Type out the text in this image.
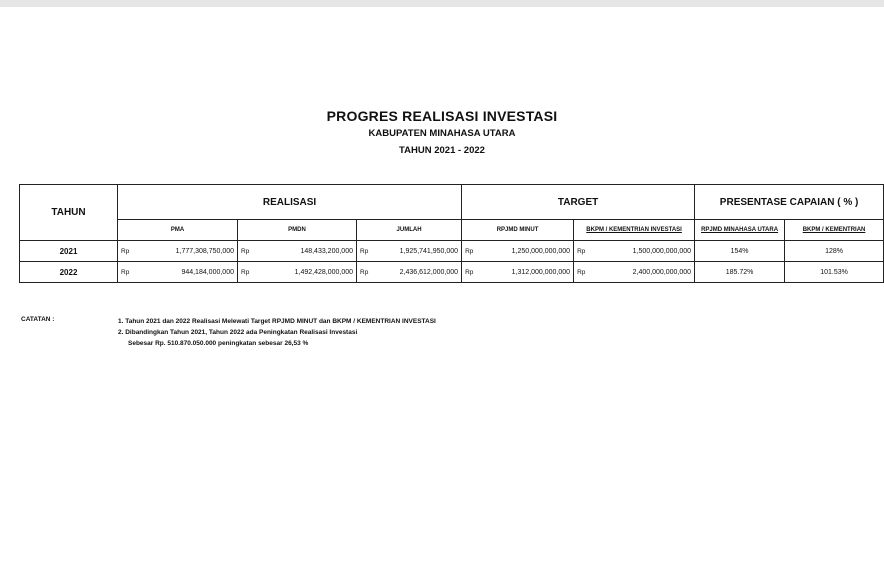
PROGRES REALISASI INVESTASI
KABUPATEN MINAHASA UTARA
TAHUN 2021 - 2022
TAHUN	REALISASI						TARGET				PRESENTASE CAPAIAN ( % )	
	PMA		PMDN		JUMLAH		RPJMD MINUT		BKPM / KEMENTRIAN INVESTASI		RPJMD MINAHASA UTARA	BKPM / KEMENTRIAN
2021	Rp	1,777,308,750,000	Rp	148,433,200,000	Rp	1,925,741,950,000	Rp	1,250,000,000,000	Rp	1,500,000,000,000	154%	128%
2022	Rp	944,184,000,000	Rp	1,492,428,000,000	Rp	2,436,612,000,000	Rp	1,312,000,000,000	Rp	2,400,000,000,000	185.72%	101.53%
CATATAN :	1. Tahun 2021 dan 2022 Realisasi Melewati Target RPJMD MINUT dan BKPM / KEMENTRIAN INVESTASI
2. Dibandingkan Tahun 2021, Tahun 2022 ada Peningkatan Realisasi Investasi
Sebesar Rp. 510.870.050.000 peningkatan sebesar 26,53 %
